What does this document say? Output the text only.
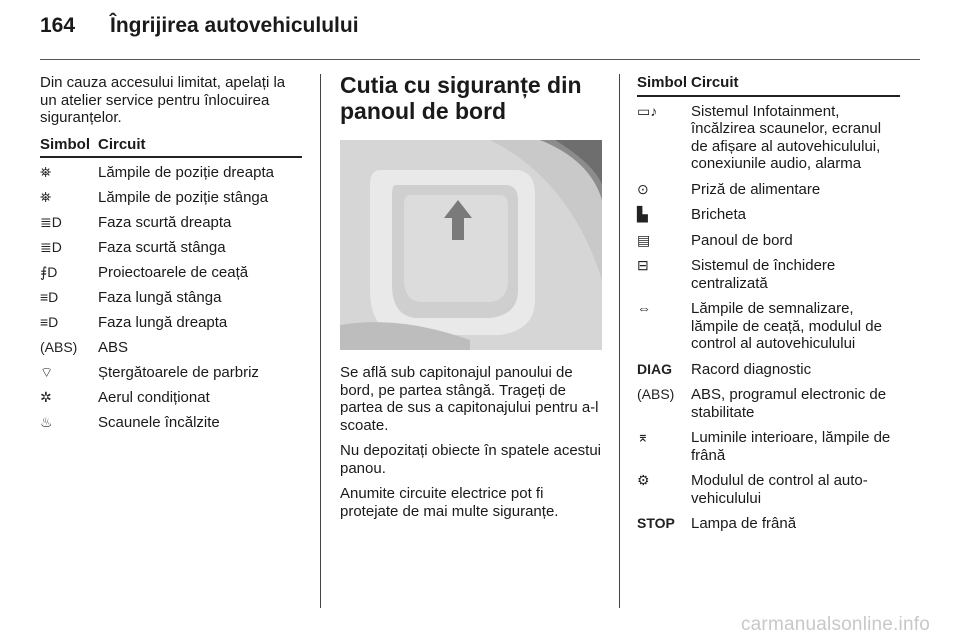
164 Îngrijirea autovehiculului

Din cauza accesului limitat, apelați la un atelier service pentru înlocuirea siguranțelor.

Simbol Circuit
⛯	Lămpile de poziție dreapta
⛯	Lămpile de poziție stânga
≣D	Faza scurtă dreapta
≣D	Faza scurtă stânga
⨎D	Proiectoarele de ceață
≡D	Faza lungă stânga
≡D	Faza lungă dreapta
(ABS)	ABS
⌔	Ștergătoarele de parbriz
✲	Aerul condiționat
♨	Scaunele încălzite
Cutia cu siguranțe din panoul de bord

Se află sub capitonajul panoului de bord, pe partea stângă. Trageți de partea de sus a capitonajului pentru a-l scoate.

Nu depozitați obiecte în spatele acestui panou.

Anumite circuite electrice pot fi protejate de mai multe siguranțe.

Simbol Circuit
▭♪	Sistemul Infotainment, încălzirea scaunelor, ecranul de afișare al autovehiculului, conexiunile audio, alarma
⊙	Priză de alimentare
▙	Bricheta
▤	Panoul de bord
⊟	Sistemul de închidere centralizată
⇔	Lămpile de semnalizare, lămpile de ceață, modulul de control al autovehiculului
DIAG	Racord diagnostic
(ABS)	ABS, programul electronic de stabilitate
⌆	Luminile interioare, lămpile de frână
⚙	Modulul de control al autovehiculului
STOP	Lampa de frână
carmanualsonline.info
